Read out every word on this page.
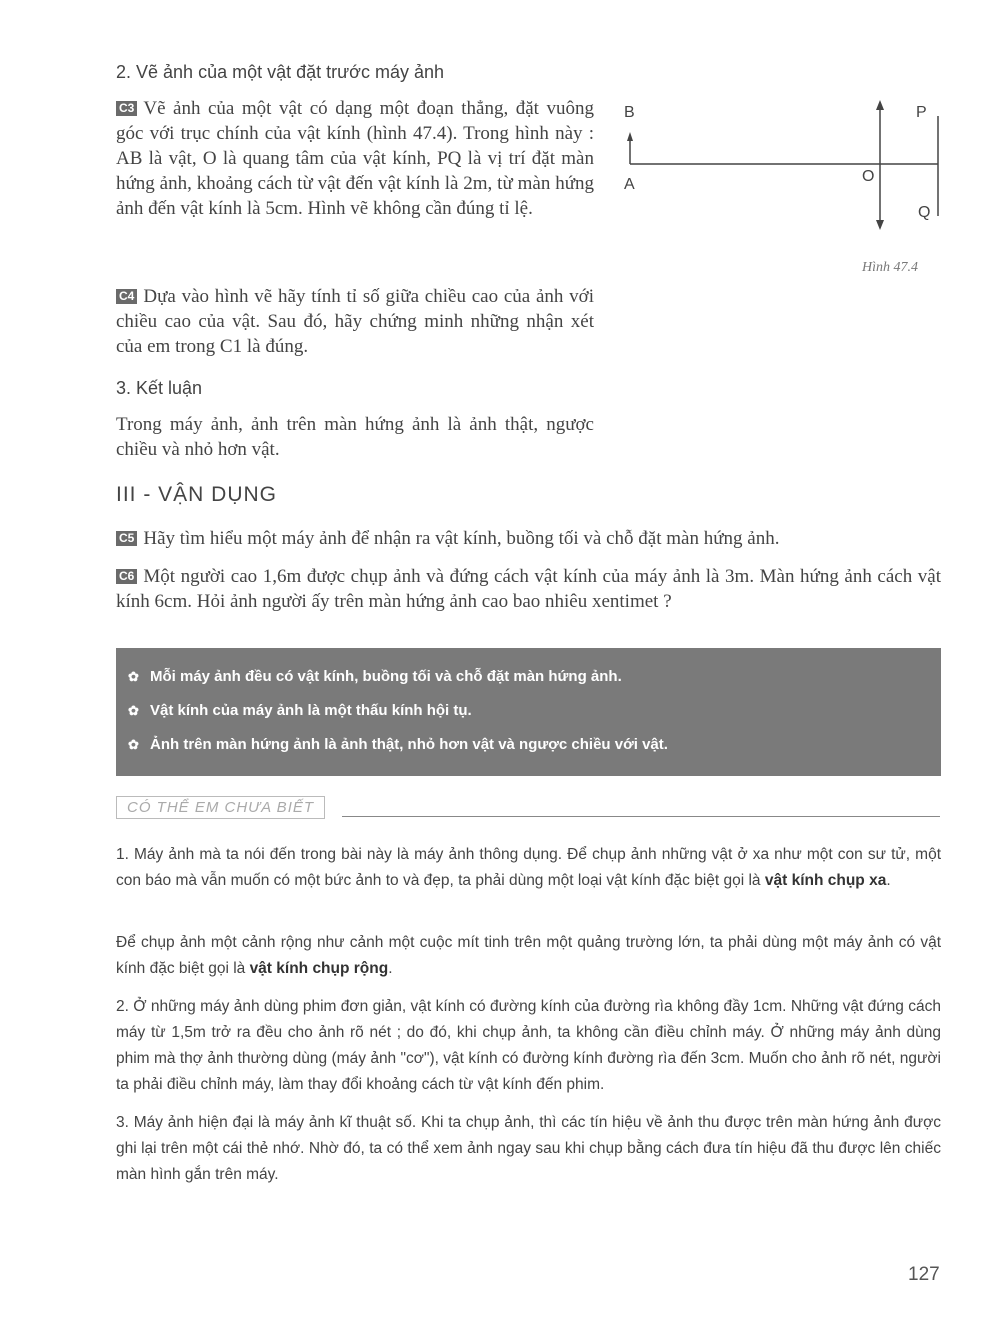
2. Vẽ ảnh của một vật đặt trước máy ảnh
C3 Vẽ ảnh của một vật có dạng một đoạn thẳng, đặt vuông góc với trục chính của vật kính (hình 47.4). Trong hình này : AB là vật, O là quang tâm của vật kính, PQ là vị trí đặt màn hứng ảnh, khoảng cách từ vật đến vật kính là 2m, từ màn hứng ảnh đến vật kính là 5cm. Hình vẽ không cần đúng tỉ lệ.
C4 Dựa vào hình vẽ hãy tính tỉ số giữa chiều cao của ảnh với chiều cao của vật. Sau đó, hãy chứng minh những nhận xét của em trong C1 là đúng.
B
A	O
P
Q
Hình 47.4
3. Kết luận
Trong máy ảnh, ảnh trên màn hứng ảnh là ảnh thật, ngược chiều và nhỏ hơn vật.
III - VẬN DỤNG
C5 Hãy tìm hiểu một máy ảnh để nhận ra vật kính, buồng tối và chỗ đặt màn hứng ảnh.
C6 Một người cao 1,6m được chụp ảnh và đứng cách vật kính của máy ảnh là 3m. Màn hứng ảnh cách vật kính 6cm. Hỏi ảnh người ấy trên màn hứng ảnh cao bao nhiêu xentimet ?
✿ Mỗi máy ảnh đều có vật kính, buồng tối và chỗ đặt màn hứng ảnh.
✿ Vật kính của máy ảnh là một thấu kính hội tụ.
✿ Ảnh trên màn hứng ảnh là ảnh thật, nhỏ hơn vật và ngược chiều với vật.
CÓ THỂ EM CHƯA BIẾT
1. Máy ảnh mà ta nói đến trong bài này là máy ảnh thông dụng. Để chụp ảnh những vật ở xa như một con sư tử, một con báo mà vẫn muốn có một bức ảnh to và đẹp, ta phải dùng một loại vật kính đặc biệt gọi là vật kính chụp xa.
Để chụp ảnh một cảnh rộng như cảnh một cuộc mít tinh trên một quảng trường lớn, ta phải dùng một máy ảnh có vật kính đặc biệt gọi là vật kính chụp rộng.
2. Ở những máy ảnh dùng phim đơn giản, vật kính có đường kính của đường rìa không đầy 1cm. Những vật đứng cách máy từ 1,5m trở ra đều cho ảnh rõ nét ; do đó, khi chụp ảnh, ta không cần điều chỉnh máy. Ở những máy ảnh dùng phim mà thợ ảnh thường dùng (máy ảnh "cơ"), vật kính có đường kính đường rìa đến 3cm. Muốn cho ảnh rõ nét, người ta phải điều chỉnh máy, làm thay đổi khoảng cách từ vật kính đến phim.
3. Máy ảnh hiện đại là máy ảnh kĩ thuật số. Khi ta chụp ảnh, thì các tín hiệu về ảnh thu được trên màn hứng ảnh được ghi lại trên một cái thẻ nhớ. Nhờ đó, ta có thể xem ảnh ngay sau khi chụp bằng cách đưa tín hiệu đã thu được lên chiếc màn hình gắn trên máy.
127
